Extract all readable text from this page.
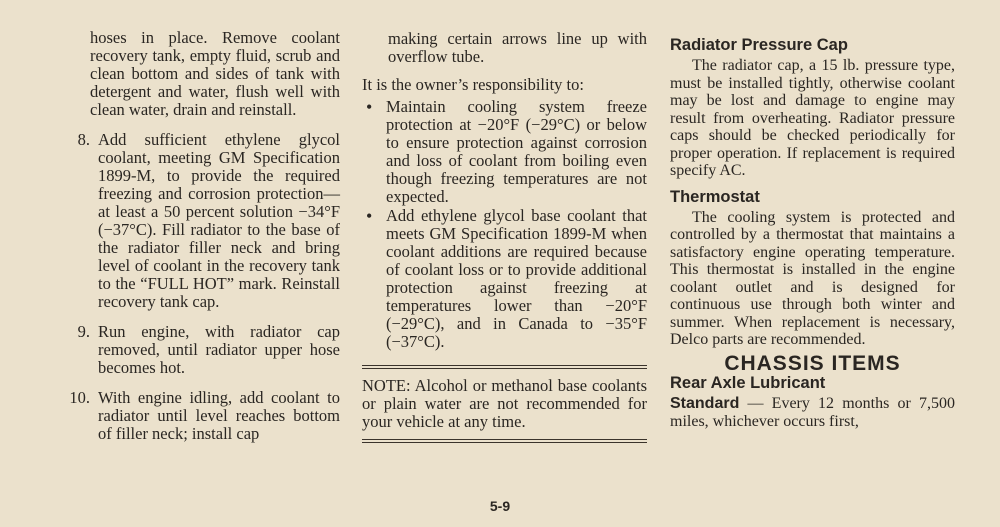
hoses in place. Remove coolant recovery tank, empty fluid, scrub and clean bottom and sides of tank with detergent and water, flush well with clean water, drain and reinstall.

8. Add sufficient ethylene glycol coolant, meeting GM Specification 1899-M, to provide the required freezing and corrosion protection—at least a 50 percent solution −34°F (−37°C). Fill radiator to the base of the radiator filler neck and bring level of coolant in the recovery tank to the “FULL HOT” mark. Reinstall recovery tank cap.
9. Run engine, with radiator cap removed, until radiator upper hose becomes hot.
10. With engine idling, add coolant to radiator until level reaches bottom of filler neck; install cap

making certain arrows line up with overflow tube.

It is the owner’s responsibility to:

• Maintain cooling system freeze protection at −20°F (−29°C) or below to ensure protection against corrosion and loss of coolant from boiling even though freezing temperatures are not expected.
• Add ethylene glycol base coolant that meets GM Specification 1899-M when coolant additions are required because of coolant loss or to provide additional protection against freezing at temperatures lower than −20°F (−29°C), and in Canada to −35°F (−37°C).

NOTE: Alcohol or methanol base coolants or plain water are not recommended for your vehicle at any time.

Radiator Pressure Cap

The radiator cap, a 15 lb. pressure type, must be installed tightly, otherwise coolant may be lost and damage to engine may result from overheating. Radiator pressure caps should be checked periodically for proper operation. If replacement is required specify AC.

Thermostat

The cooling system is protected and controlled by a thermostat that maintains a satisfactory engine operating temperature. This thermostat is installed in the engine coolant outlet and is designed for continuous use through both winter and summer. When replacement is necessary, Delco parts are recommended.

CHASSIS ITEMS
Rear Axle Lubricant

Standard — Every 12 months or 7,500 miles, whichever occurs first,

5-9
